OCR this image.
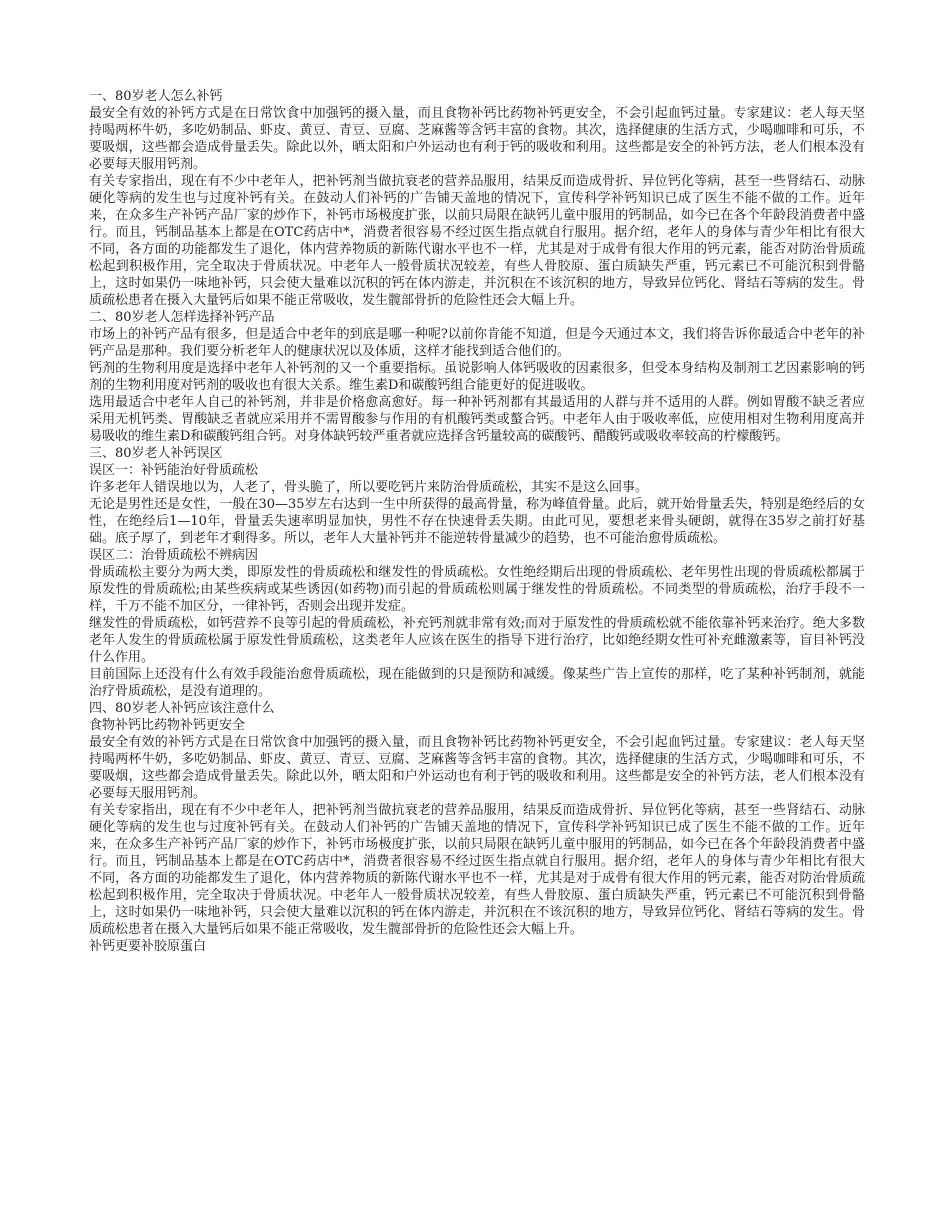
一、80岁老人怎么补钙

最安全有效的补钙方式是在日常饮食中加强钙的摄入量，而且食物补钙比药物补钙更安全，不会引起血钙过量。专家建议：老人每天坚持喝两杯牛奶，多吃奶制品、虾皮、黄豆、青豆、豆腐、芝麻酱等含钙丰富的食物。其次，选择健康的生活方式，少喝咖啡和可乐，不要吸烟，这些都会造成骨量丢失。除此以外，晒太阳和户外运动也有利于钙的吸收和利用。这些都是安全的补钙方法，老人们根本没有必要每天服用钙剂。

有关专家指出，现在有不少中老年人，把补钙剂当做抗衰老的营养品服用，结果反而造成骨折、异位钙化等病，甚至一些肾结石、动脉硬化等病的发生也与过度补钙有关。在鼓动人们补钙的广告铺天盖地的情况下，宣传科学补钙知识已成了医生不能不做的工作。近年来，在众多生产补钙产品厂家的炒作下，补钙市场极度扩张，以前只局限在缺钙儿童中服用的钙制品，如今已在各个年龄段消费者中盛行。而且，钙制品基本上都是在OTC药店中*，消费者很容易不经过医生指点就自行服用。据介绍，老年人的身体与青少年相比有很大不同，各方面的功能都发生了退化，体内营养物质的新陈代谢水平也不一样，尤其是对于成骨有很大作用的钙元素，能否对防治骨质疏松起到积极作用，完全取决于骨质状况。中老年人一般骨质状况较差，有些人骨胶原、蛋白质缺失严重，钙元素已不可能沉积到骨骼上，这时如果仍一味地补钙，只会使大量难以沉积的钙在体内游走，并沉积在不该沉积的地方，导致异位钙化、肾结石等病的发生。骨质疏松患者在摄入大量钙后如果不能正常吸收，发生髋部骨折的危险性还会大幅上升。

二、80岁老人怎样选择补钙产品

市场上的补钙产品有很多，但是适合中老年的到底是哪一种呢?以前你肯能不知道，但是今天通过本文，我们将告诉你最适合中老年的补钙产品是那种。我们要分析老年人的健康状况以及体质，这样才能找到适合他们的。

钙剂的生物利用度是选择中老年人补钙剂的又一个重要指标。虽说影响人体钙吸收的因素很多，但受本身结构及制剂工艺因素影响的钙剂的生物利用度对钙剂的吸收也有很大关系。维生素D和碳酸钙组合能更好的促进吸收。

选用最适合中老年人自己的补钙剂，并非是价格愈高愈好。每一种补钙剂都有其最适用的人群与并不适用的人群。例如胃酸不缺乏者应采用无机钙类、胃酸缺乏者就应采用并不需胃酸参与作用的有机酸钙类或螯合钙。中老年人由于吸收率低，应使用相对生物利用度高并易吸收的维生素D和碳酸钙组合钙。对身体缺钙较严重者就应选择含钙量较高的碳酸钙、醋酸钙或吸收率较高的柠檬酸钙。

三、80岁老人补钙误区

误区一：补钙能治好骨质疏松

许多老年人错误地以为，人老了，骨头脆了，所以要吃钙片来防治骨质疏松，其实不是这么回事。

无论是男性还是女性，一般在30—35岁左右达到一生中所获得的最高骨量，称为峰值骨量。此后，就开始骨量丢失，特别是绝经后的女性，在绝经后1—10年，骨量丢失速率明显加快，男性不存在快速骨丢失期。由此可见，要想老来骨头硬朗，就得在35岁之前打好基础。底子厚了，到老年才剩得多。所以，老年人大量补钙并不能逆转骨量减少的趋势，也不可能治愈骨质疏松。

误区二：治骨质疏松不辨病因

骨质疏松主要分为两大类，即原发性的骨质疏松和继发性的骨质疏松。女性绝经期后出现的骨质疏松、老年男性出现的骨质疏松都属于原发性的骨质疏松;由某些疾病或某些诱因(如药物)而引起的骨质疏松则属于继发性的骨质疏松。不同类型的骨质疏松，治疗手段不一样，千万不能不加区分，一律补钙，否则会出现并发症。

继发性的骨质疏松，如钙营养不良等引起的骨质疏松，补充钙剂就非常有效;而对于原发性的骨质疏松就不能依靠补钙来治疗。绝大多数老年人发生的骨质疏松属于原发性骨质疏松，这类老年人应该在医生的指导下进行治疗，比如绝经期女性可补充雌激素等，盲目补钙没什么作用。

目前国际上还没有什么有效手段能治愈骨质疏松，现在能做到的只是预防和减缓。像某些广告上宣传的那样，吃了某种补钙制剂，就能治疗骨质疏松，是没有道理的。

四、80岁老人补钙应该注意什么

食物补钙比药物补钙更安全

最安全有效的补钙方式是在日常饮食中加强钙的摄入量，而且食物补钙比药物补钙更安全，不会引起血钙过量。专家建议：老人每天坚持喝两杯牛奶，多吃奶制品、虾皮、黄豆、青豆、豆腐、芝麻酱等含钙丰富的食物。其次，选择健康的生活方式，少喝咖啡和可乐，不要吸烟，这些都会造成骨量丢失。除此以外，晒太阳和户外运动也有利于钙的吸收和利用。这些都是安全的补钙方法，老人们根本没有必要每天服用钙剂。

有关专家指出，现在有不少中老年人，把补钙剂当做抗衰老的营养品服用，结果反而造成骨折、异位钙化等病，甚至一些肾结石、动脉硬化等病的发生也与过度补钙有关。在鼓动人们补钙的广告铺天盖地的情况下，宣传科学补钙知识已成了医生不能不做的工作。近年来，在众多生产补钙产品厂家的炒作下，补钙市场极度扩张，以前只局限在缺钙儿童中服用的钙制品，如今已在各个年龄段消费者中盛行。而且，钙制品基本上都是在OTC药店中*，消费者很容易不经过医生指点就自行服用。据介绍，老年人的身体与青少年相比有很大不同，各方面的功能都发生了退化，体内营养物质的新陈代谢水平也不一样，尤其是对于成骨有很大作用的钙元素，能否对防治骨质疏松起到积极作用，完全取决于骨质状况。中老年人一般骨质状况较差，有些人骨胶原、蛋白质缺失严重，钙元素已不可能沉积到骨骼上，这时如果仍一味地补钙，只会使大量难以沉积的钙在体内游走，并沉积在不该沉积的地方，导致异位钙化、肾结石等病的发生。骨质疏松患者在摄入大量钙后如果不能正常吸收，发生髋部骨折的危险性还会大幅上升。

补钙更要补胶原蛋白
